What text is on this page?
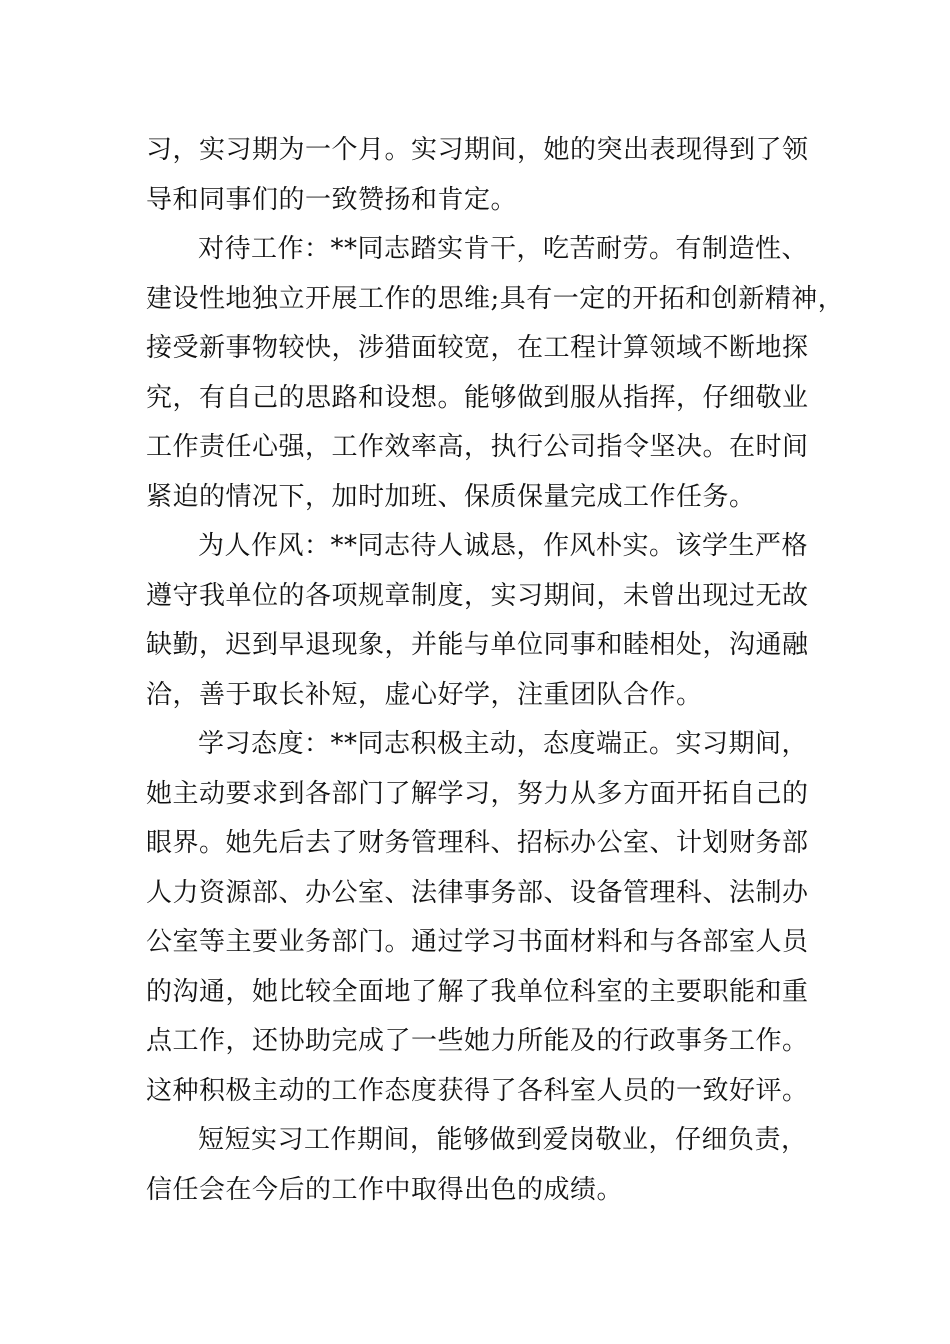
习，实习期为一个月。实习期间，她的突出表现得到了领
导和同事们的一致赞扬和肯定。
对待工作：**同志踏实肯干，吃苦耐劳。有制造性、
建设性地独立开展工作的思维;具有一定的开拓和创新精神，
接受新事物较快，涉猎面较宽，在工程计算领域不断地探
究，有自己的思路和设想。能够做到服从指挥，仔细敬业
工作责任心强，工作效率高，执行公司指令坚决。在时间
紧迫的情况下，加时加班、保质保量完成工作任务。
为人作风：**同志待人诚恳，作风朴实。该学生严格
遵守我单位的各项规章制度，实习期间，未曾出现过无故
缺勤，迟到早退现象，并能与单位同事和睦相处，沟通融
洽，善于取长补短，虚心好学，注重团队合作。
学习态度：**同志积极主动，态度端正。实习期间，
她主动要求到各部门了解学习，努力从多方面开拓自己的
眼界。她先后去了财务管理科、招标办公室、计划财务部
人力资源部、办公室、法律事务部、设备管理科、法制办
公室等主要业务部门。通过学习书面材料和与各部室人员
的沟通，她比较全面地了解了我单位科室的主要职能和重
点工作，还协助完成了一些她力所能及的行政事务工作。
这种积极主动的工作态度获得了各科室人员的一致好评。
短短实习工作期间，能够做到爱岗敬业，仔细负责，
信任会在今后的工作中取得出色的成绩。
